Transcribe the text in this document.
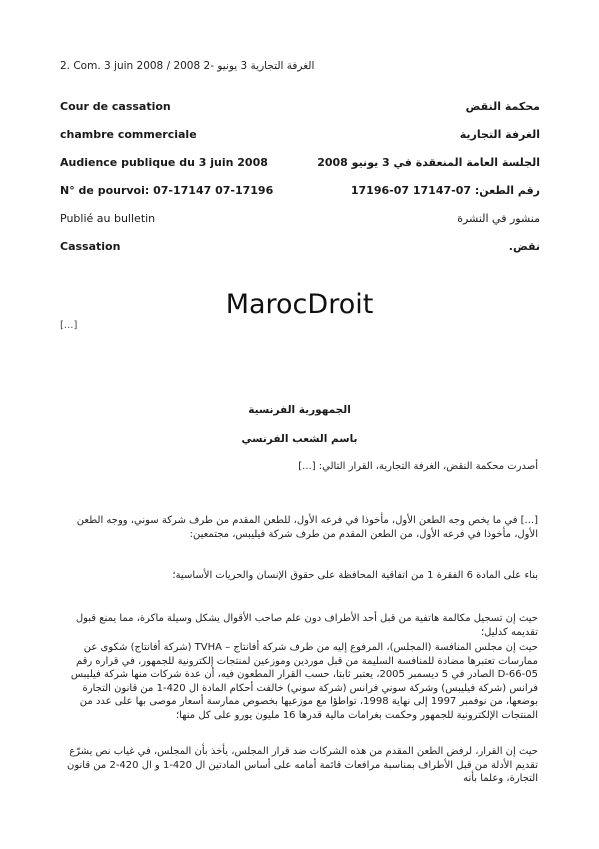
2. Com. 3 juin 2008 / 2008 الغرفة التجارية 3 يونيو -2
Cour de cassation	محكمة النقض
chambre commerciale	الغرفة التجارية
Audience publique du 3 juin 2008	الجلسة العامة المنعقدة في 3 يونيو 2008
N° de pourvoi: 07-17147 07-17196	رقم الطعن: 07-17147 07-17196
Publié au bulletin	منشور في النشرة
Cassation	نقض.
MarocDroit
[...]
الجمهورية الفرنسية
باسم الشعب الفرنسي
أصدرت محكمة النقض، الغرفة التجارية، القرار التالي: [...]
[...] في ما يخص وجه الطعن الأول، مأخوذا في فرعه الأول، للطعن المقدم من طرف شركة سوني، ووجه الطعن الأول، مأخوذا في فرعه الأول، من الطعن المقدم من طرف شركة فيليبس، مجتمعين:
بناء على المادة 6 الفقرة 1 من اتفاقية المحافظة على حقوق الإنسان والحريات الأساسية؛
حيث إن تسجيل مكالمة هاتفية من قبل أحد الأطراف دون علم صاحب الأقوال يشكل وسيلة ماكرة، مما يمنع قبول تقديمه كدليل؛
حيث إن مجلس المنافسة (المجلس)، المرفوع إليه من طرف شركة أفانتاج – TVHA (شركة أفانتاج) شكوى عن ممارسات تعتبرها مضادة للمنافسة السليمة من قبل موردين وموزعين لمنتجات إلكترونية للجمهور، في قراره رقم 05-D-66 الصادر في 5 ديسمبر 2005، يعتبر ثابتا، حسب القرار المطعون فيه، أن عدة شركات منها شركة فيليبس فرانس (شركة فيليبس) وشركة سوني فرانس (شركة سوني) خالفت أحكام المادة ال 420-1 من قانون التجارة بوضعها، من نوفمبر 1997 إلى نهاية 1998، تواطؤا مع موزعيها بخصوص ممارسة أسعار موصى بها على عدد من المنتجات الإلكترونية للجمهور وحكمت بغرامات مالية قدرها 16 مليون يورو على كل منها؛
حيث إن القرار، لرفض الطعن المقدم من هذه الشركات ضد قرار المجلس، يأخذ بأن المجلس، في غياب نص يشرّع تقديم الأدلة من قبل الأطراف بمناسبة مرافعات قائمة أمامه على أساس المادتين ال 420-1 و ال 420-2 من قانون التجارة، وعلما بأنه
